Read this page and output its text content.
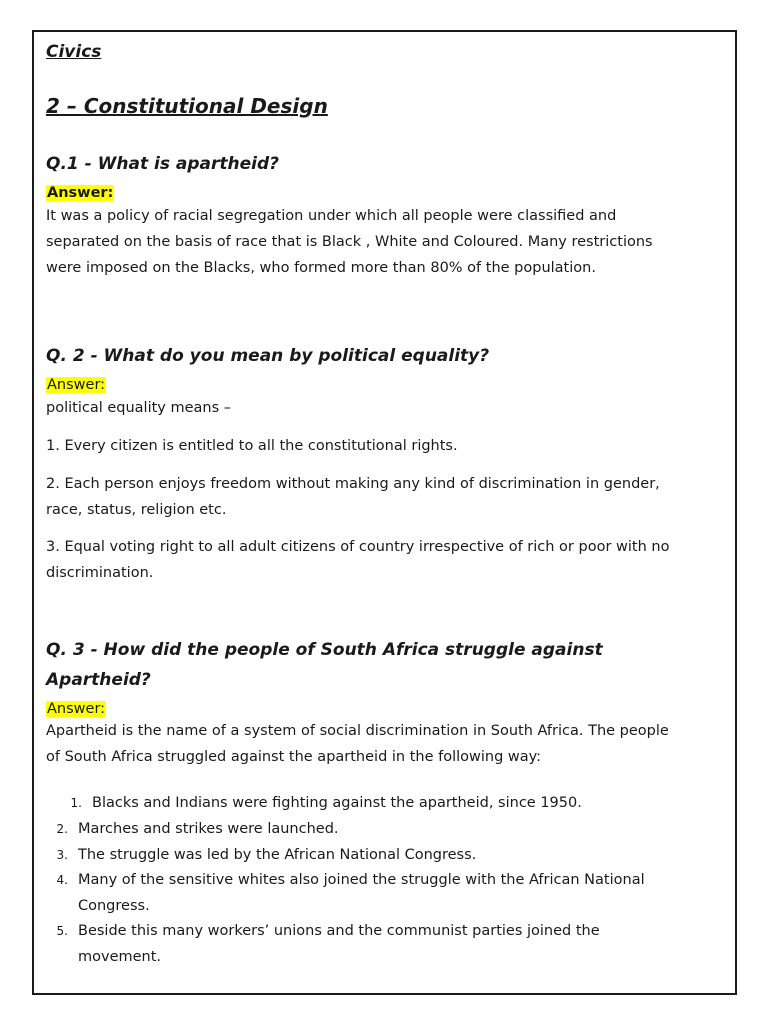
Civics

2 – Constitutional Design

Q.1 - What is apartheid?

Answer:

It was a policy of racial segregation under which all people were classified and
separated on the basis of race that is Black , White and Coloured. Many restrictions
were imposed on the Blacks, who formed more than 80% of the population.

Q. 2 - What do you mean by political equality?

Answer:

political equality means –

1. Every citizen is entitled to all the constitutional rights.
2. Each person enjoys freedom without making any kind of discrimination in gender,
race, status, religion etc.
3. Equal voting right to all adult citizens of country irrespective of rich or poor with no
discrimination.
Q. 3 - How did the people of South Africa struggle against
Apartheid?

Answer:

Apartheid is the name of a system of social discrimination in South Africa. The people
of South Africa struggled against the apartheid in the following way:
1. Blacks and Indians were fighting against the apartheid, since 1950.
2. Marches and strikes were launched.
3. The struggle was led by the African National Congress.
4. Many of the sensitive whites also joined the struggle with the African National
Congress.
5. Beside this many workers’ unions and the communist parties joined the
movement.
